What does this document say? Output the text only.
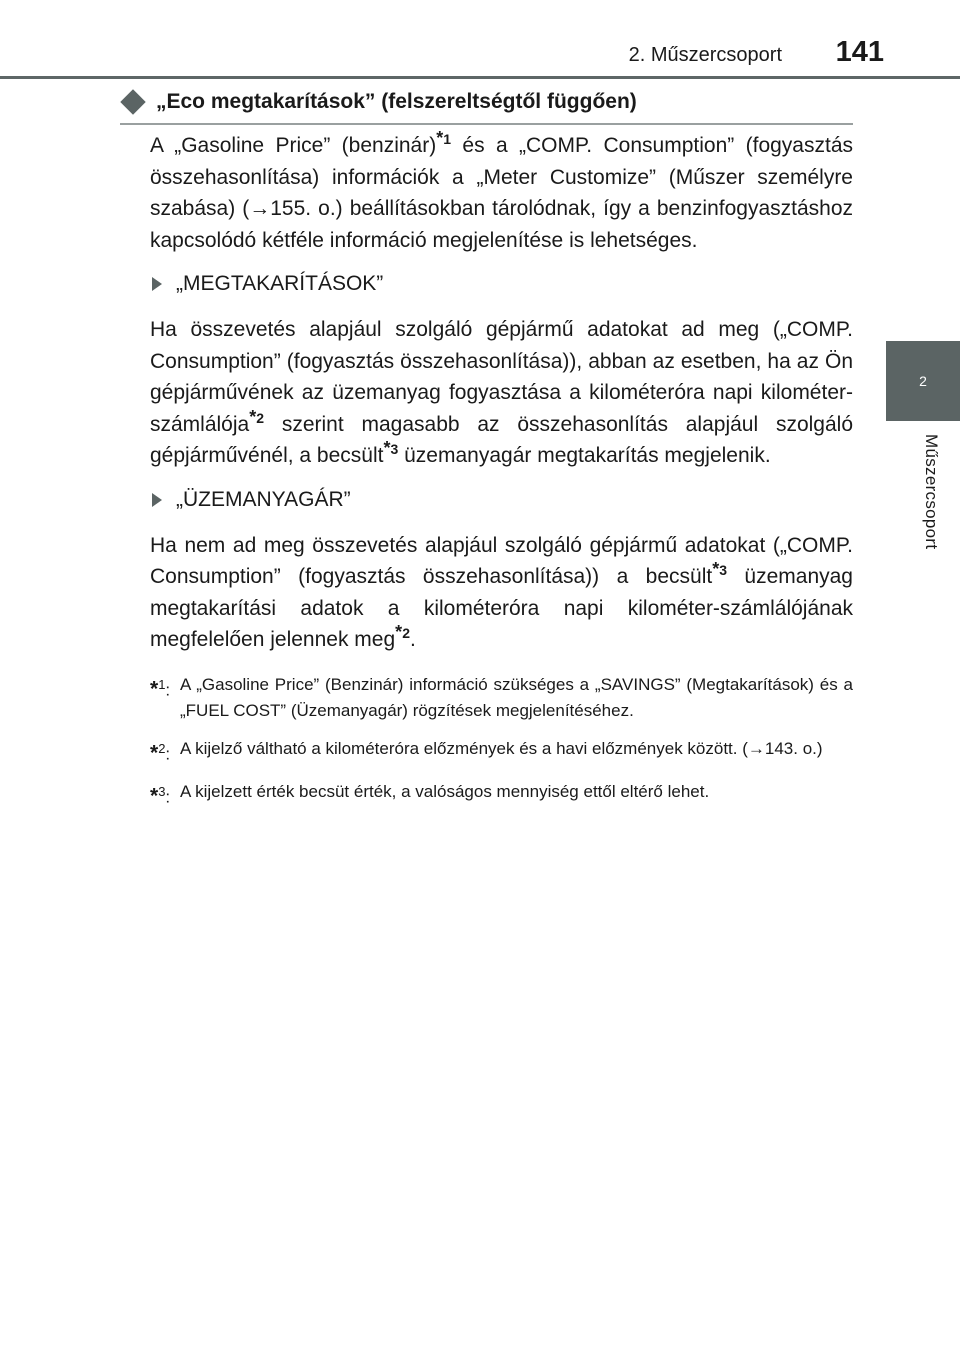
2. Műszercsoport 141
2
Műszercsoport
„Eco megtakarítások” (felszereltségtől függően)

A „Gasoline Price” (benzinár)$^{*1}$ és a „COMP. Consumption” (fogyasztás összehasonlítása) információk a „Meter Customize” (Műszer személyre szabása) (→155. o.) beállításokban tárolódnak, így a benzinfogyasztáshoz kapcsolódó kétféle információ megjelenítése is lehetséges.

„MEGTAKARÍTÁSOK”

Ha összevetés alapjául szolgáló gépjármű adatokat ad meg („COMP. Consumption” (fogyasztás összehasonlítása)), abban az esetben, ha az Ön gépjárművének az üzemanyag fogyasztása a kilométeróra napi kilométer-számlálója$^{*2}$ szerint magasabb az összehasonlítás alapjául szolgáló gépjárművénél, a becsült$^{*3}$ üzemanyagár megtakarítás megjelenik.

„ÜZEMANYAGÁR”

Ha nem ad meg összevetés alapjául szolgáló gépjármű adatokat („COMP. Consumption” (fogyasztás összehasonlítása)) a becsült$^{*3}$ üzemanyag megtakarítási adatok a kilométeróra napi kilométer-számlálójának megfelelően jelennek meg$^{*2}$.

*$^1$: A „Gasoline Price” (Benzinár) információ szükséges a „SAVINGS” (Megtakarítások) és a „FUEL COST” (Üzemanyagár) rögzítések megjelenítéséhez.
*$^2$: A kijelző váltható a kilométeróra előzmények és a havi előzmények között. (→143. o.)
*$^3$: A kijelzett érték becsüt érték, a valóságos mennyiség ettől eltérő lehet.
